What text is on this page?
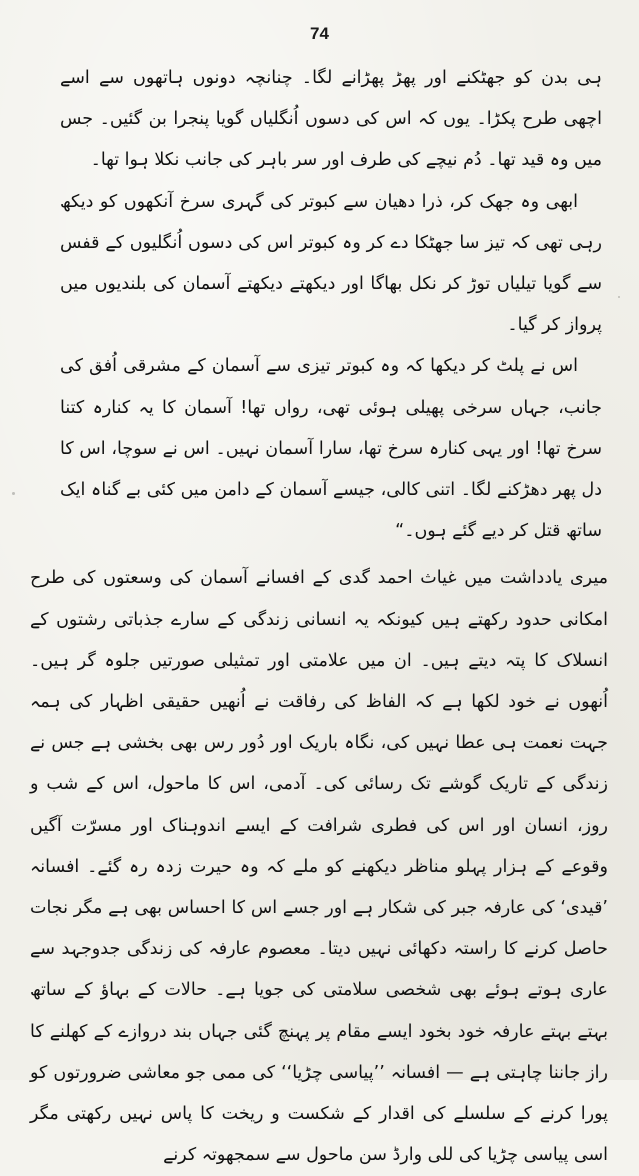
74

ہی بدن کو جھٹکنے اور پھڑ پھڑانے لگا۔ چنانچہ دونوں ہاتھوں سے اسے اچھی طرح پکڑا۔ یوں کہ اس کی دسوں اُنگلیاں گویا پنجرا بن گئیں۔ جس میں وہ قید تھا۔ دُم نیچے کی طرف اور سر باہر کی جانب نکلا ہوا تھا۔

ابھی وہ جھک کر، ذرا دھیان سے کبوتر کی گہری سرخ آنکھوں کو دیکھ رہی تھی کہ تیز سا جھٹکا دے کر وہ کبوتر اس کی دسوں اُنگلیوں کے قفس سے گویا تیلیاں توڑ کر نکل بھاگا اور دیکھتے دیکھتے آسمان کی بلندیوں میں پرواز کر گیا۔

اس نے پلٹ کر دیکھا کہ وہ کبوتر تیزی سے آسمان کے مشرقی اُفق کی جانب، جہاں سرخی پھیلی ہوئی تھی، رواں تھا! آسمان کا یہ کنارہ کتنا سرخ تھا! اور یہی کنارہ سرخ تھا، سارا آسمان نہیں۔ اس نے سوچا، اس کا دل پھر دھڑکنے لگا۔ اتنی کالی، جیسے آسمان کے دامن میں کئی بے گناہ ایک ساتھ قتل کر دیے گئے ہوں۔“

میری یادداشت میں غیاث احمد گدی کے افسانے آسمان کی وسعتوں کی طرح امکانی حدود رکھتے ہیں کیونکہ یہ انسانی زندگی کے سارے جذباتی رشتوں کے انسلاک کا پتہ دیتے ہیں۔ ان میں علامتی اور تمثیلی صورتیں جلوہ گر ہیں۔ اُنھوں نے خود لکھا ہے کہ الفاظ کی رفاقت نے اُنھیں حقیقی اظہار کی ہمہ جہت نعمت ہی عطا نہیں کی، نگاہ باریک اور دُور رس بھی بخشی ہے جس نے زندگی کے تاریک گوشے تک رسائی کی۔ آدمی، اس کا ماحول، اس کے شب و روز، انسان اور اس کی فطری شرافت کے ایسے اندوہناک اور مسرّت آگیں وقوعے کے ہزار پہلو مناظر دیکھنے کو ملے کہ وہ حیرت زدہ رہ گئے۔ افسانہ ’قیدی‘ کی عارفہ جبر کی شکار ہے اور جسے اس کا احساس بھی ہے مگر نجات حاصل کرنے کا راستہ دکھائی نہیں دیتا۔ معصوم عارفہ کی زندگی جدوجہد سے عاری ہوتے ہوئے بھی شخصی سلامتی کی جویا ہے۔ حالات کے بہاؤ کے ساتھ بہتے بہتے عارفہ خود بخود ایسے مقام پر پہنچ گئی جہاں بند دروازے کے کھلنے کا راز جاننا چاہتی ہے — افسانہ ’’پیاسی چڑیا‘‘ کی ممی جو معاشی ضرورتوں کو پورا کرنے کے سلسلے کی اقدار کے شکست و ریخت کا پاس نہیں رکھتی مگر اسی پیاسی چڑیا کی للی وارڈ سن ماحول سے سمجھوتہ کرنے
